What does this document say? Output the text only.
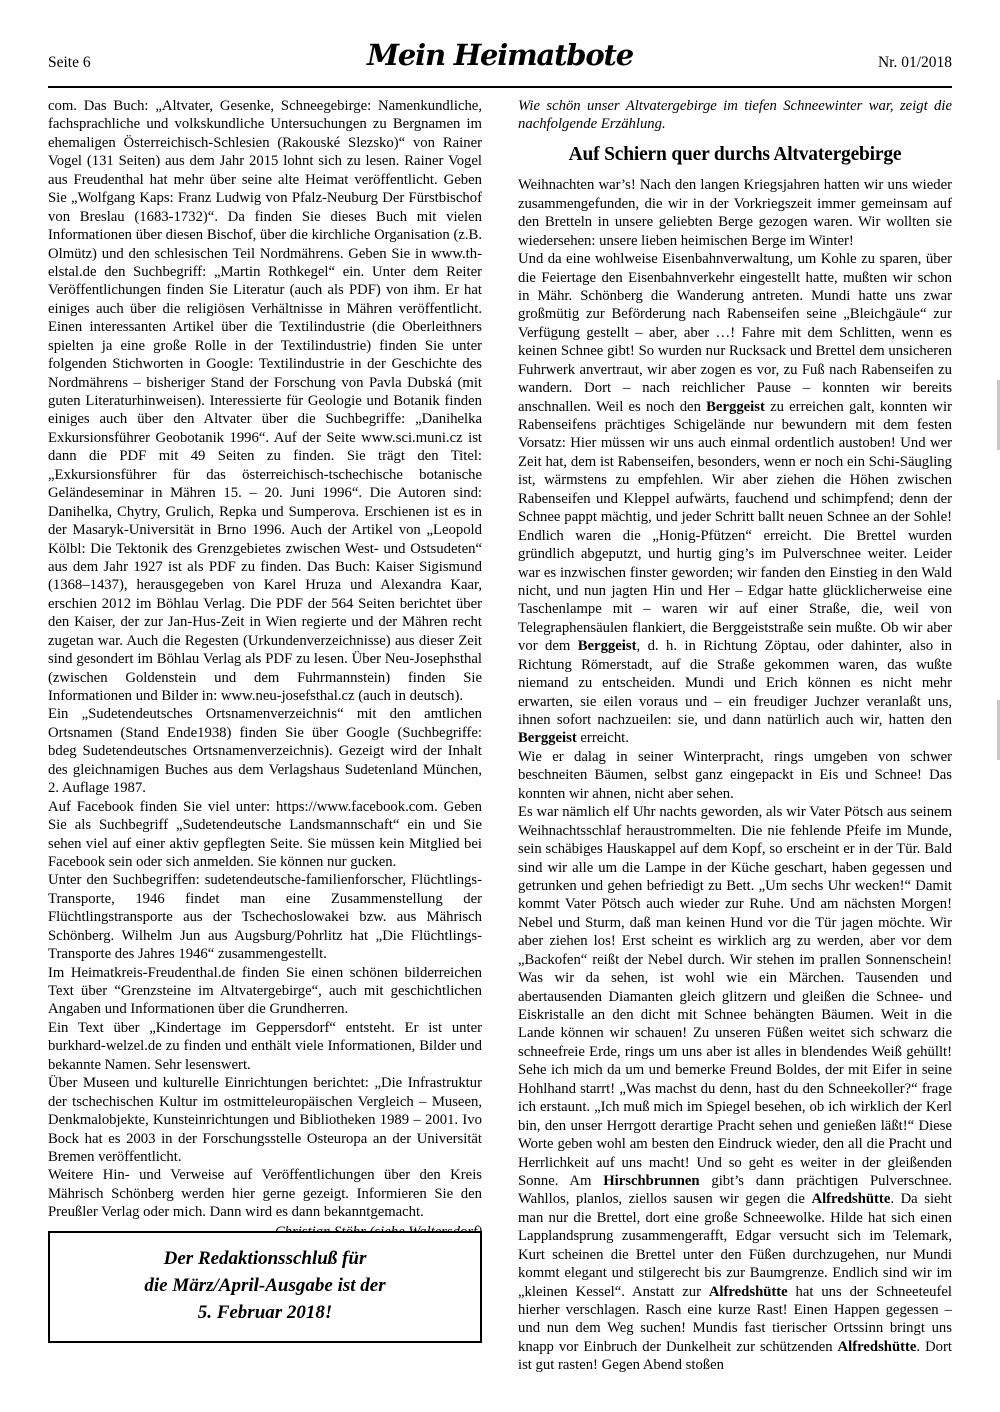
Seite 6	Mein Heimatbote	Nr. 01/2018

com. Das Buch: „Altvater, Gesenke, Schneegebirge: Namenkundliche, fachsprachliche und volkskundliche Untersuchungen zu Bergnamen im ehemaligen Österreichisch-Schlesien (Rakouské Slezsko)“ von Rainer Vogel (131 Seiten) aus dem Jahr 2015 lohnt sich zu lesen. Rainer Vogel aus Freudenthal hat mehr über seine alte Heimat veröffentlicht. Geben Sie „Wolfgang Kaps: Franz Ludwig von Pfalz-Neuburg Der Fürstbischof von Breslau (1683-1732)“. Da finden Sie dieses Buch mit vielen Informationen über diesen Bischof, über die kirchliche Organisation (z.B. Olmütz) und den schlesischen Teil Nordmährens. Geben Sie in www.th-elstal.de den Suchbegriff: „Martin Rothkegel“ ein. Unter dem Reiter Veröffentlichungen finden Sie Literatur (auch als PDF) von ihm. Er hat einiges auch über die religiösen Verhältnisse in Mähren veröffentlicht. Einen interessanten Artikel über die Textilindustrie (die Oberleithners spielten ja eine große Rolle in der Textilindustrie) finden Sie unter folgenden Stichworten in Google: Textilindustrie in der Geschichte des Nordmährens – bisheriger Stand der Forschung von Pavla Dubská (mit guten Literaturhinweisen). Interessierte für Geologie und Botanik finden einiges auch über den Altvater über die Suchbegriffe: „Danihelka Exkursionsführer Geobotanik 1996“. Auf der Seite www.sci.muni.cz ist dann die PDF mit 49 Seiten zu finden. Sie trägt den Titel: „Exkursionsführer für das österreichisch-tschechische botanische Geländeseminar in Mähren 15. – 20. Juni 1996“. Die Autoren sind: Danihelka, Chytry, Grulich, Repka und Sumperova. Erschienen ist es in der Masaryk-Universität in Brno 1996. Auch der Artikel von „Leopold Kölbl: Die Tektonik des Grenzgebietes zwischen West- und Ostsudeten“ aus dem Jahr 1927 ist als PDF zu finden. Das Buch: Kaiser Sigismund (1368–1437), herausgegeben von Karel Hruza und Alexandra Kaar, erschien 2012 im Böhlau Verlag. Die PDF der 564 Seiten berichtet über den Kaiser, der zur Jan-Hus-Zeit in Wien regierte und der Mähren recht zugetan war. Auch die Regesten (Urkundenverzeichnisse) aus dieser Zeit sind gesondert im Böhlau Verlag als PDF zu lesen. Über Neu-Josephsthal (zwischen Goldenstein und dem Fuhrmannstein) finden Sie Informationen und Bilder in: www.neu-josefsthal.cz (auch in deutsch).

Ein „Sudetendeutsches Ortsnamenverzeichnis“ mit den amtlichen Ortsnamen (Stand Ende1938) finden Sie über Google (Suchbegriffe: bdeg Sudetendeutsches Ortsnamenverzeichnis). Gezeigt wird der Inhalt des gleichnamigen Buches aus dem Verlagshaus Sudetenland München, 2. Auflage 1987.

Auf Facebook finden Sie viel unter: https://www.facebook.com. Geben Sie als Suchbegriff „Sudetendeutsche Landsmannschaft“ ein und Sie sehen viel auf einer aktiv gepflegten Seite. Sie müssen kein Mitglied bei Facebook sein oder sich anmelden. Sie können nur gucken.

Unter den Suchbegriffen: sudetendeutsche-familienforscher, Flüchtlings-Transporte, 1946 findet man eine Zusammenstellung der Flüchtlingstransporte aus der Tschechoslowakei bzw. aus Mährisch Schönberg. Wilhelm Jun aus Augsburg/Pohrlitz hat „Die Flüchtlings-Transporte des Jahres 1946“ zusammengestellt.

Im Heimatkreis-Freudenthal.de finden Sie einen schönen bilderreichen Text über “Grenzsteine im Altvatergebirge“, auch mit geschichtlichen Angaben und Informationen über die Grundherren.

Ein Text über „Kindertage im Geppersdorf“ entsteht. Er ist unter burkhard-welzel.de zu finden und enthält viele Informationen, Bilder und bekannte Namen. Sehr lesenswert.

Über Museen und kulturelle Einrichtungen berichtet: „Die Infrastruktur der tschechischen Kultur im ostmitteleuropäischen Vergleich – Museen, Denkmalobjekte, Kunsteinrichtungen und Bibliotheken 1989 – 2001. Ivo Bock hat es 2003 in der Forschungsstelle Osteuropa an der Universität Bremen veröffentlicht.

Weitere Hin- und Verweise auf Veröffentlichungen über den Kreis Mährisch Schönberg werden hier gerne gezeigt. Informieren Sie den Preußler Verlag oder mich. Dann wird es dann bekanntgemacht.

Der Redaktionsschluß für
die März/April-Ausgabe ist der
5. Februar 2018!

Wie schön unser Altvatergebirge im tiefen Schneewinter war, zeigt die nachfolgende Erzählung.

Auf Schiern quer durchs Altvatergebirge

Weihnachten war’s! Nach den langen Kriegsjahren hatten wir uns wieder zusammengefunden, die wir in der Vorkriegszeit immer gemeinsam auf den Bretteln in unsere geliebten Berge gezogen waren. Wir wollten sie wiedersehen: unsere lieben heimischen Berge im Winter!

Und da eine wohlweise Eisenbahnverwaltung, um Kohle zu sparen, über die Feiertage den Eisenbahnverkehr eingestellt hatte, mußten wir schon in Mähr. Schönberg die Wanderung antreten. Mundi hatte uns zwar großmütig zur Beförderung nach Rabenseifen seine „Bleichgäule“ zur Verfügung gestellt – aber, aber …! Fahre mit dem Schlitten, wenn es keinen Schnee gibt! So wurden nur Rucksack und Brettel dem unsicheren Fuhrwerk anvertraut, wir aber zogen es vor, zu Fuß nach Rabenseifen zu wandern. Dort – nach reichlicher Pause – konnten wir bereits anschnallen. Weil es noch den Berggeist zu erreichen galt, konnten wir Rabenseifens prächtiges Schigelände nur bewundern mit dem festen Vorsatz: Hier müssen wir uns auch einmal ordentlich austoben! Und wer Zeit hat, dem ist Rabenseifen, besonders, wenn er noch ein Schi-Säugling ist, wärmstens zu empfehlen. Wir aber ziehen die Höhen zwischen Rabenseifen und Kleppel aufwärts, fauchend und schimpfend; denn der Schnee pappt mächtig, und jeder Schritt ballt neuen Schnee an der Sohle! Endlich waren die „Honig-Pfützen“ erreicht. Die Brettel wurden gründlich abgeputzt, und hurtig ging’s im Pulverschnee weiter. Leider war es inzwischen finster geworden; wir fanden den Einstieg in den Wald nicht, und nun jagten Hin und Her – Edgar hatte glücklicherweise eine Taschenlampe mit – waren wir auf einer Straße, die, weil von Telegraphensäulen flankiert, die Berggeiststraße sein mußte. Ob wir aber vor dem Berggeist, d. h. in Richtung Zöptau, oder dahinter, also in Richtung Römerstadt, auf die Straße gekommen waren, das wußte niemand zu entscheiden. Mundi und Erich können es nicht mehr erwarten, sie eilen voraus und – ein freudiger Juchzer veranlaßt uns, ihnen sofort nachzueilen: sie, und dann natürlich auch wir, hatten den Berggeist erreicht.

Wie er dalag in seiner Winterpracht, rings umgeben von schwer beschneiten Bäumen, selbst ganz eingepackt in Eis und Schnee! Das konnten wir ahnen, nicht aber sehen.

Es war nämlich elf Uhr nachts geworden, als wir Vater Pötsch aus seinem Weihnachtsschlaf heraustrommelten. Die nie fehlende Pfeife im Munde, sein schäbiges Hauskappel auf dem Kopf, so erscheint er in der Tür. Bald sind wir alle um die Lampe in der Küche geschart, haben gegessen und getrunken und gehen befriedigt zu Bett. „Um sechs Uhr wecken!“ Damit kommt Vater Pötsch auch wieder zur Ruhe. Und am nächsten Morgen! Nebel und Sturm, daß man keinen Hund vor die Tür jagen möchte. Wir aber ziehen los! Erst scheint es wirklich arg zu werden, aber vor dem „Backofen“ reißt der Nebel durch. Wir stehen im prallen Sonnenschein! Was wir da sehen, ist wohl wie ein Märchen. Tausenden und abertausenden Diamanten gleich glitzern und gleißen die Schnee- und Eiskristalle an den dicht mit Schnee behängten Bäumen. Weit in die Lande können wir schauen! Zu unseren Füßen weitet sich schwarz die schneefreie Erde, rings um uns aber ist alles in blendendes Weiß gehüllt! Sehe ich mich da um und bemerke Freund Boldes, der mit Eifer in seine Hohlhand starrt! „Was machst du denn, hast du den Schneekoller?“ frage ich erstaunt. „Ich muß mich im Spiegel besehen, ob ich wirklich der Kerl bin, den unser Herrgott derartige Pracht sehen und genießen läßt!“ Diese Worte geben wohl am besten den Eindruck wieder, den all die Pracht und Herrlichkeit auf uns macht! Und so geht es weiter in der gleißenden Sonne. Am Hirschbrunnen gibt’s dann prächtigen Pulverschnee. Wahllos, planlos, ziellos sausen wir gegen die Alfredshütte. Da sieht man nur die Brettel, dort eine große Schneewolke. Hilde hat sich einen Lapplandsprung zusammengerafft, Edgar versucht sich im Telemark, Kurt scheinen die Brettel unter den Füßen durchzugehen, nur Mundi kommt elegant und stilgerecht bis zur Baumgrenze. Endlich sind wir im „kleinen Kessel“. Anstatt zur Alfredshütte hat uns der Schneeteufel hierher verschlagen. Rasch eine kurze Rast! Einen Happen gegessen – und nun dem Weg suchen! Mundis fast tierischer Ortssinn bringt uns knapp vor Einbruch der Dunkelheit zur schützenden Alfredshütte. Dort ist gut rasten! Gegen Abend stoßen
